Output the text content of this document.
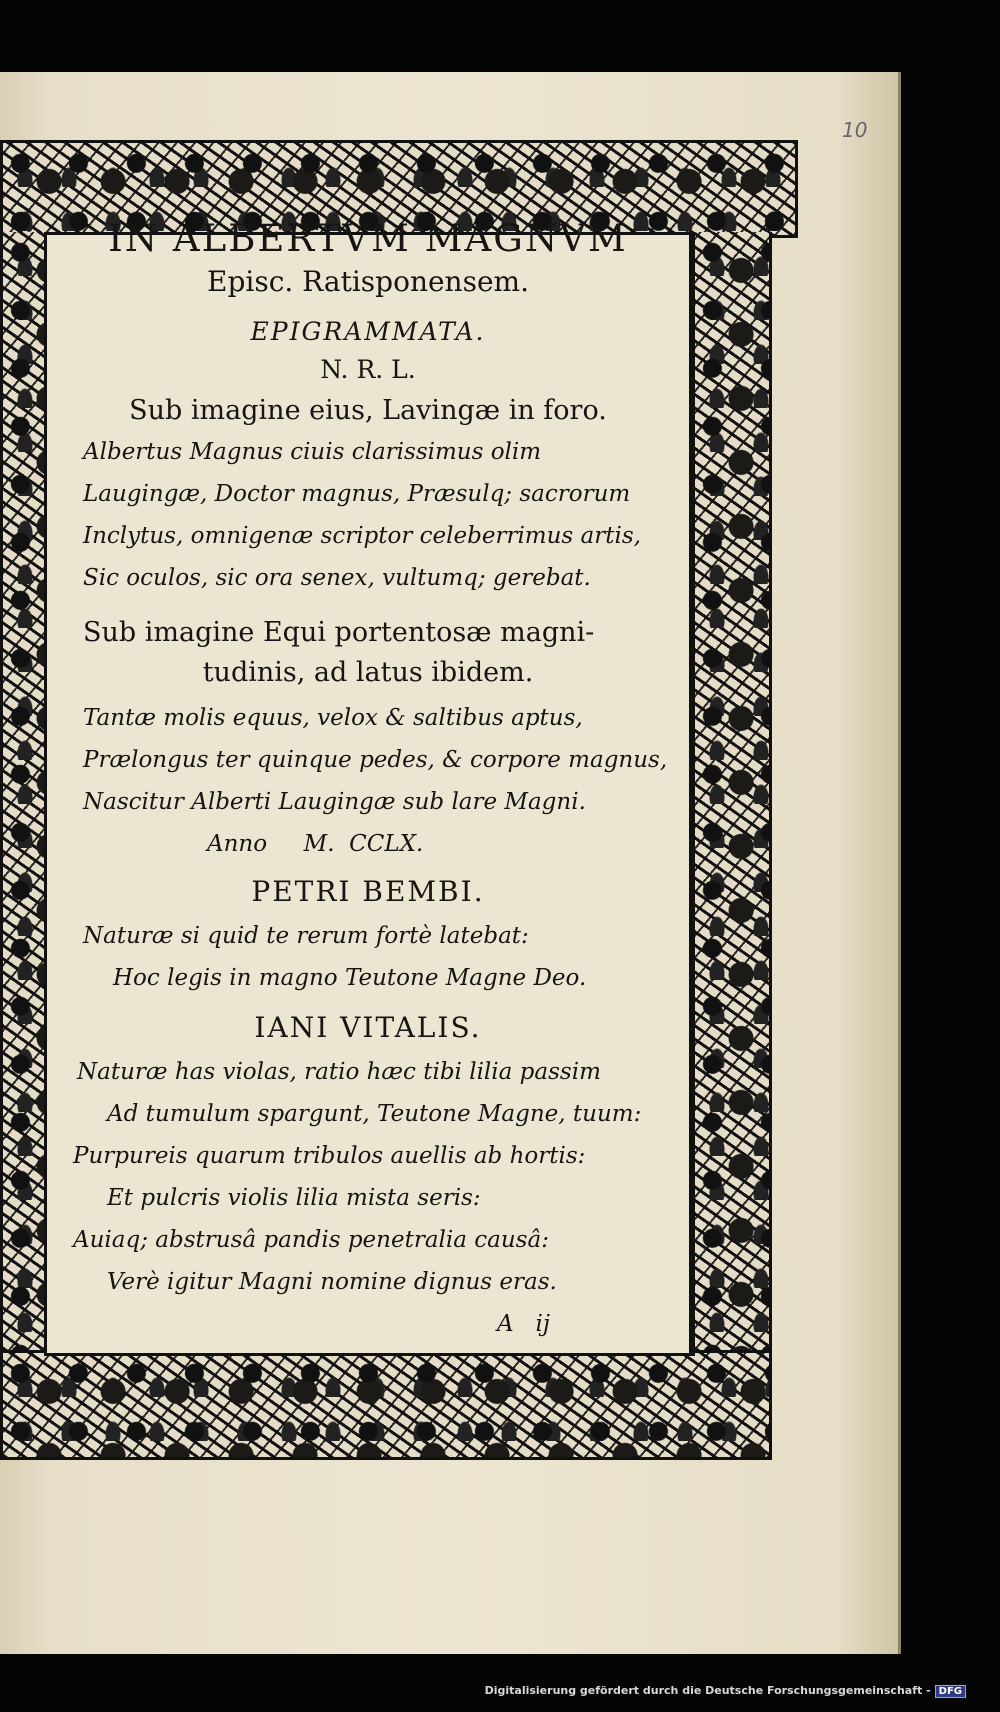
10
IN ALBERTVM MAGNVM
Episc. Ratisponensem.
EPIGRAMMATA.
N. R. L.
Sub imagine eius, Lavingæ in foro.
Albertus Magnus ciuis clarissimus olim
Laugingæ, Doctor magnus, Præsulq; sacrorum
Inclytus, omnigenæ scriptor celeberrimus artis,
Sic oculos, sic ora senex, vultumq; gerebat.
Sub imagine Equi portentosæ magni-
tudinis, ad latus ibidem.
Tantæ molis equus, velox & saltibus aptus,
Prælongus ter quinque pedes, & corpore magnus,
Nascitur Alberti Laugingæ sub lare Magni.
Anno     M.  CCLX.
PETRI BEMBI.
Naturæ si quid te rerum fortè latebat:
Hoc legis in magno Teutone Magne Deo.
IANI VITALIS.
Naturæ has violas, ratio hæc tibi lilia passim
Ad tumulum spargunt, Teutone Magne, tuum:
Purpureis quarum tribulos auellis ab hortis:
Et pulcris violis lilia mista seris:
Auiaq; abstrusâ pandis penetralia causâ:
Verè igitur Magni nomine dignus eras.
A   ij
Digitalisierung gefördert durch die Deutsche Forschungsgemeinschaft - DFG
